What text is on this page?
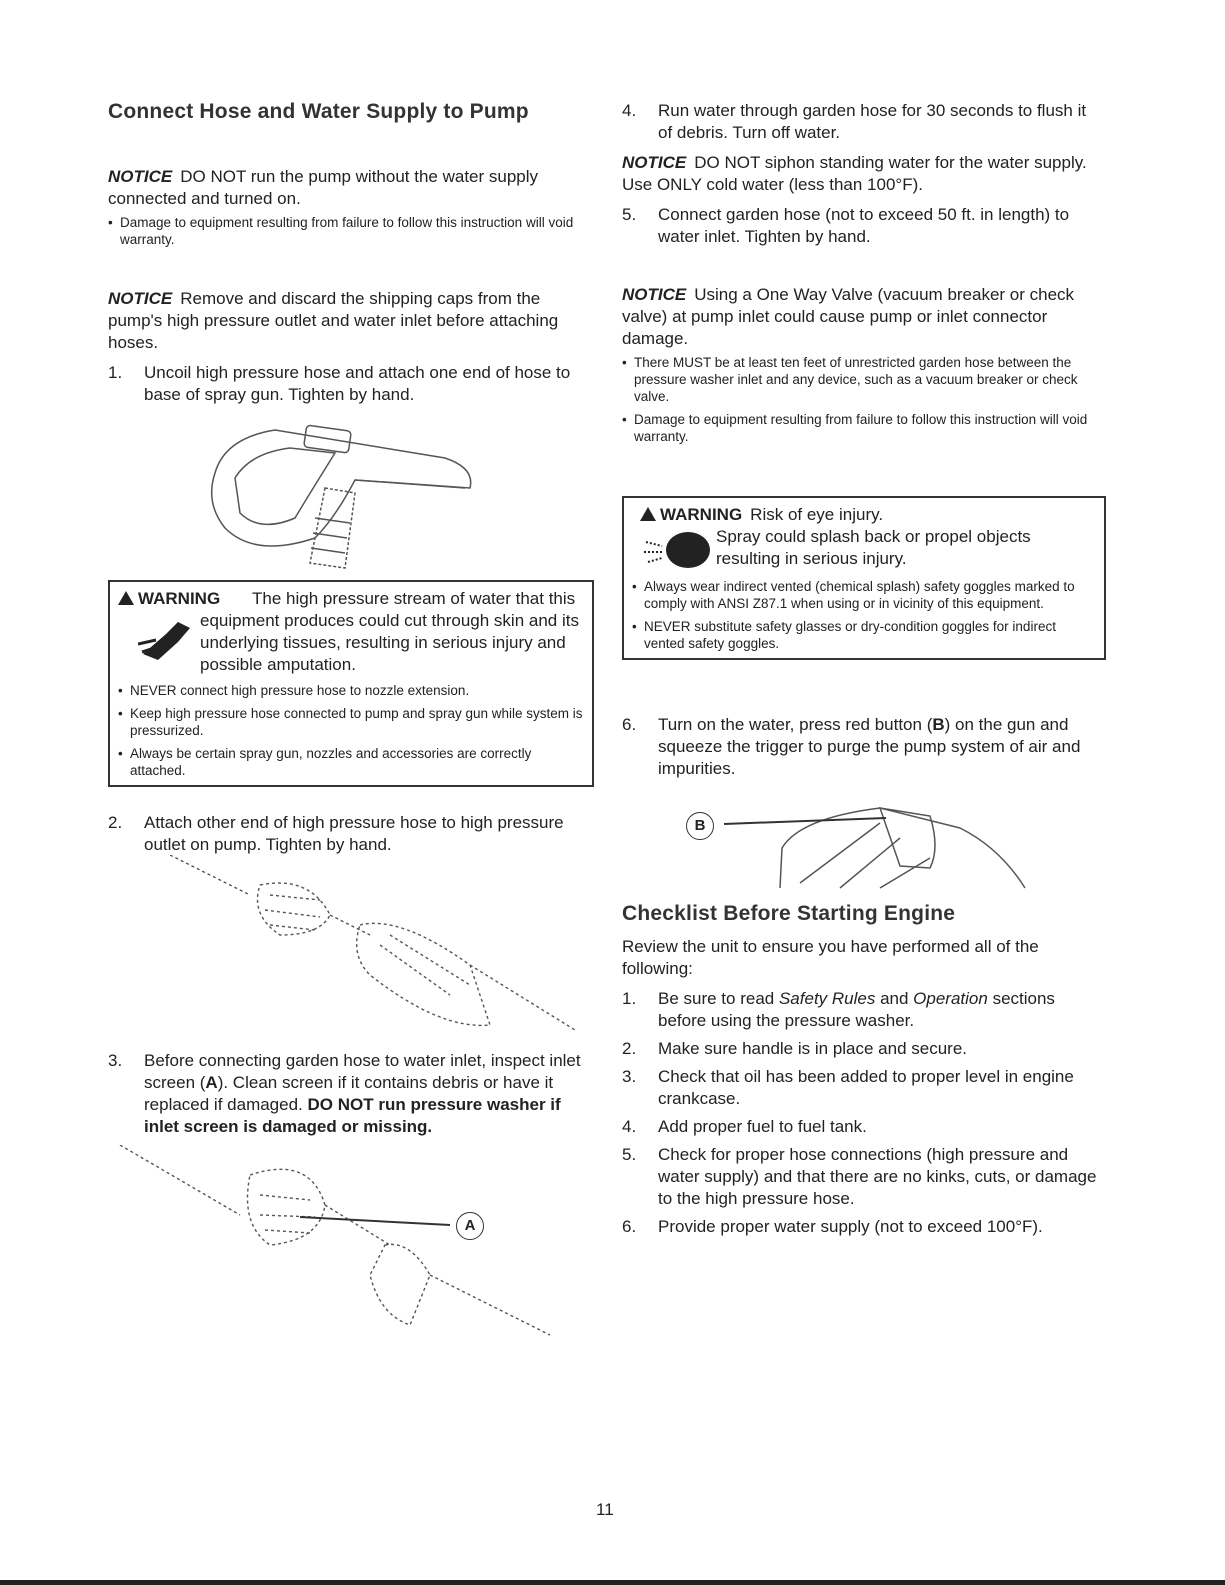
Connect Hose and Water Supply to Pump

NOTICE DO NOT run the pump without the water supply connected and turned on.

• Damage to equipment resulting from failure to follow this instruction will void warranty.

NOTICE Remove and discard the shipping caps from the pump's high pressure outlet and water inlet before attaching hoses.

1. Uncoil high pressure hose and attach one end of hose to base of spray gun. Tighten by hand.

WARNING	The high pressure stream of water that this equipment produces could cut through skin and its underlying tissues, resulting in serious injury and possible amputation.

• NEVER connect high pressure hose to nozzle extension.

• Keep high pressure hose connected to pump and spray gun while system is pressurized.

• Always be certain spray gun, nozzles and accessories are correctly attached.

2. Attach other end of high pressure hose to high pressure outlet on pump. Tighten by hand.

3. Before connecting garden hose to water inlet, inspect inlet screen (A). Clean screen if it contains debris or have it replaced if damaged. DO NOT run pressure washer if inlet screen is damaged or missing.

A

4. Run water through garden hose for 30 seconds to flush it of debris. Turn off water.

NOTICE DO NOT siphon standing water for the water supply. Use ONLY cold water (less than 100°F).

5. Connect garden hose (not to exceed 50 ft. in length) to water inlet. Tighten by hand.

NOTICE Using a One Way Valve (vacuum breaker or check valve) at pump inlet could cause pump or inlet connector damage.

• There MUST be at least ten feet of unrestricted garden hose between the pressure washer inlet and any device, such as a vacuum breaker or check valve.

• Damage to equipment resulting from failure to follow this instruction will void warranty.

WARNING Risk of eye injury.

Spray could splash back or propel objects resulting in serious injury.

• Always wear indirect vented (chemical splash) safety goggles marked to comply with ANSI Z87.1 when using or in vicinity of this equipment.

• NEVER substitute safety glasses or dry-condition goggles for indirect vented safety goggles.

6. Turn on the water, press red button (B) on the gun and squeeze the trigger to purge the pump system of air and impurities.

B
Checklist Before Starting Engine

Review the unit to ensure you have performed all of the following:

1. Be sure to read Safety Rules and Operation sections before using the pressure washer.

2. Make sure handle is in place and secure.

3. Check that oil has been added to proper level in engine crankcase.

4. Add proper fuel to fuel tank.

5. Check for proper hose connections (high pressure and water supply) and that there are no kinks, cuts, or damage to the high pressure hose.

6. Provide proper water supply (not to exceed 100°F).

11
